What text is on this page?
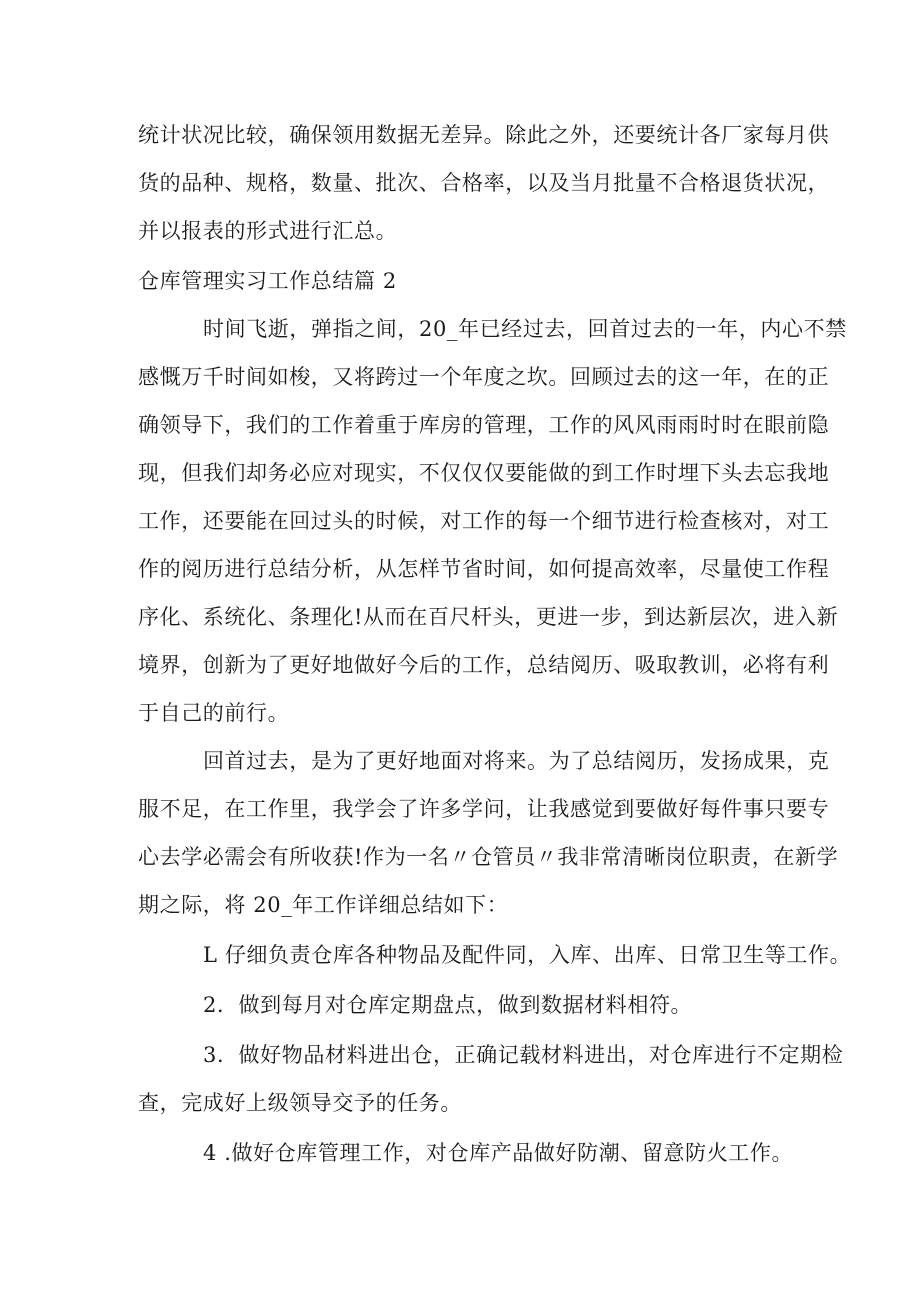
统计状况比较，确保领用数据无差异。除此之外，还要统计各厂家每月供
货的品种、规格，数量、批次、合格率，以及当月批量不合格退货状况，
并以报表的形式进行汇总。
仓库管理实习工作总结篇 2
时间飞逝，弹指之间，20_年已经过去，回首过去的一年，内心不禁
感慨万千时间如梭，又将跨过一个年度之坎。回顾过去的这一年，在的正
确领导下，我们的工作着重于库房的管理，工作的风风雨雨时时在眼前隐
现，但我们却务必应对现实，不仅仅仅要能做的到工作时埋下头去忘我地
工作，还要能在回过头的时候，对工作的每一个细节进行检查核对，对工
作的阅历进行总结分析，从怎样节省时间，如何提高效率，尽量使工作程
序化、系统化、条理化!从而在百尺杆头，更进一步，到达新层次，进入新
境界，创新为了更好地做好今后的工作，总结阅历、吸取教训，必将有利
于自己的前行。
回首过去，是为了更好地面对将来。为了总结阅历，发扬成果，克
服不足，在工作里，我学会了许多学问，让我感觉到要做好每件事只要专
心去学必需会有所收获!作为一名〃仓管员〃我非常清晰岗位职责，在新学
期之际，将 20_年工作详细总结如下：
L 仔细负责仓库各种物品及配件同，入库、出库、日常卫生等工作。
2．做到每月对仓库定期盘点，做到数据材料相符。
3．做好物品材料进出仓，正确记载材料进出，对仓库进行不定期检
查，完成好上级领导交予的任务。
4 .做好仓库管理工作，对仓库产品做好防潮、留意防火工作。
